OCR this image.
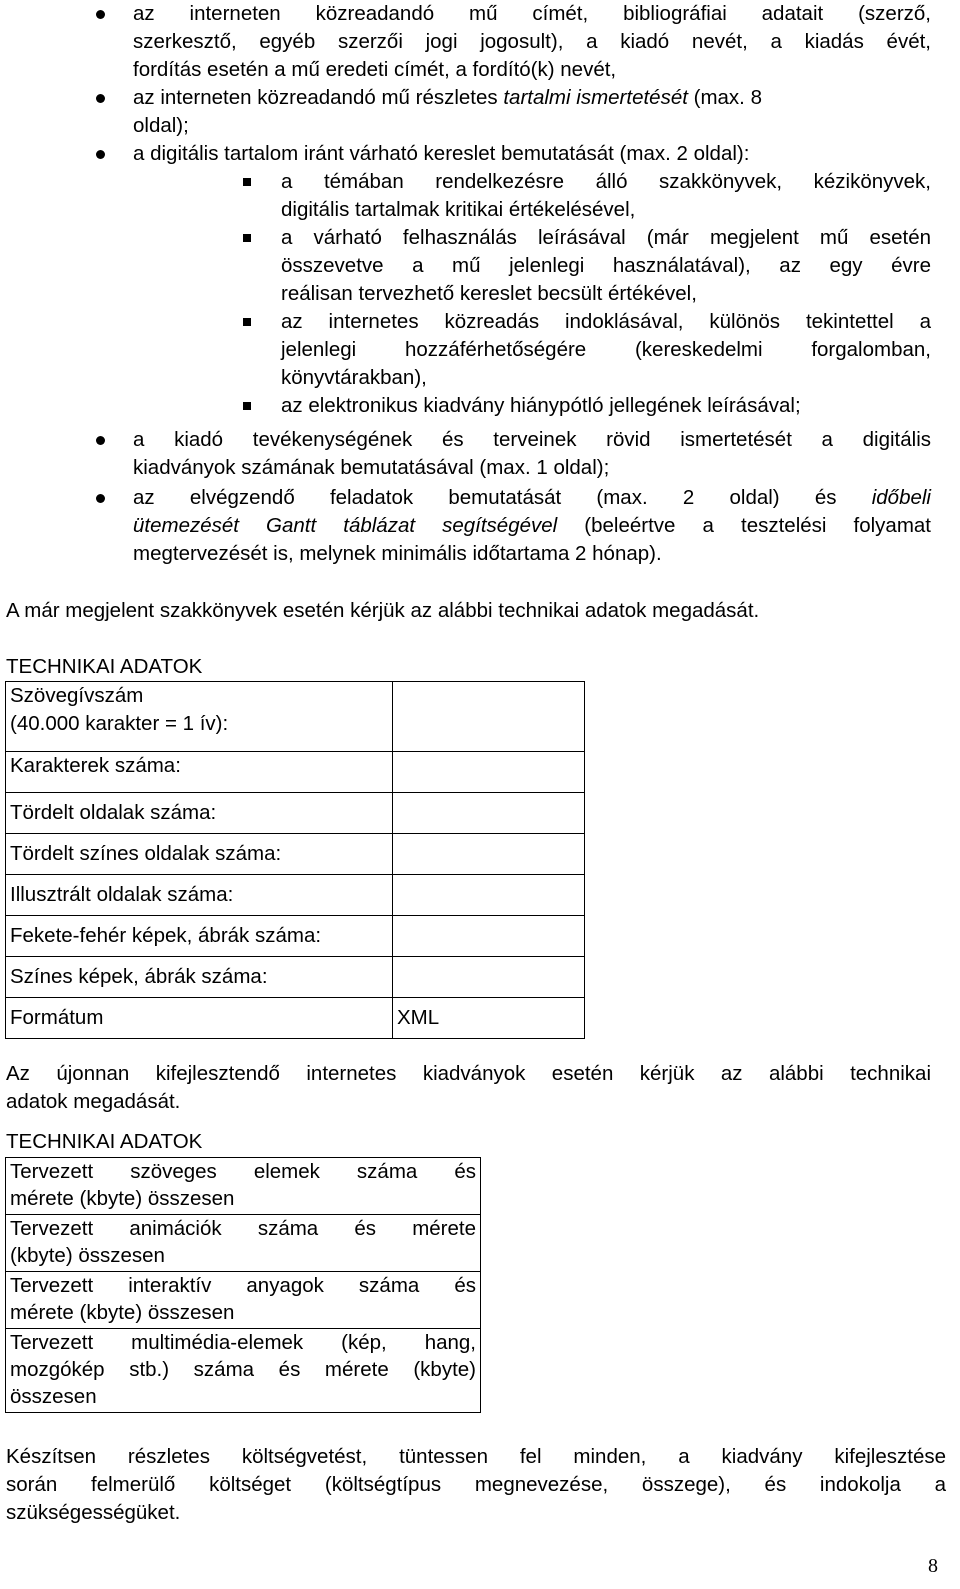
az interneten közreadandó mű címét, bibliográfiai adatait (szerző,
szerkesztő, egyéb szerzői jogi jogosult), a kiadó nevét, a kiadás évét,
fordítás esetén a mű eredeti címét, a fordító(k) nevét,
az interneten közreadandó mű részletes tartalmi ismertetését (max. 8
oldal);
a digitális tartalom iránt várható kereslet bemutatását (max. 2 oldal):
a témában rendelkezésre álló szakkönyvek, kézikönyvek,
digitális tartalmak kritikai értékelésével,
a várható felhasználás leírásával (már megjelent mű esetén
összevetve a mű jelenlegi használatával), az egy évre
reálisan tervezhető kereslet becsült értékével,
az internetes közreadás indoklásával, különös tekintettel a
jelenlegi hozzáférhetőségére (kereskedelmi forgalomban,
könyvtárakban),
az elektronikus kiadvány hiánypótló jellegének leírásával;
a kiadó tevékenységének és terveinek rövid ismertetését a digitális
kiadványok számának bemutatásával (max. 1 oldal);
az elvégzendő feladatok bemutatását (max. 2 oldal) és időbeli
ütemezését Gantt táblázat segítségével (beleértve a tesztelési folyamat
megtervezését is, melynek minimális időtartama 2 hónap).
A már megjelent szakkönyvek esetén kérjük az alábbi technikai adatok megadását.
TECHNIKAI ADATOK
Szövegívszám
(40.000 karakter = 1 ív):	

Karakterek száma:	
Tördelt oldalak száma:	
Tördelt színes oldalak száma:	
Illusztrált oldalak száma:	
Fekete-fehér képek, ábrák száma:	
Színes képek, ábrák száma:	
Formátum	XML
Az újonnan kifejlesztendő internetes kiadványok esetén kérjük az alábbi technikai
adatok megadását.
TECHNIKAI ADATOK
Tervezett szöveges elemek száma és
mérete (kbyte) összesen

Tervezett animációk száma és mérete
(kbyte) összesen

Tervezett interaktív anyagok száma és
mérete (kbyte) összesen

Tervezett multimédia-elemek (kép, hang,
mozgókép stb.) száma és mérete (kbyte)
összesen
Készítsen részletes költségvetést, tüntessen fel minden, a kiadvány kifejlesztése
során felmerülő költséget (költségtípus megnevezése, összege), és indokolja a
szükségességüket.
8
